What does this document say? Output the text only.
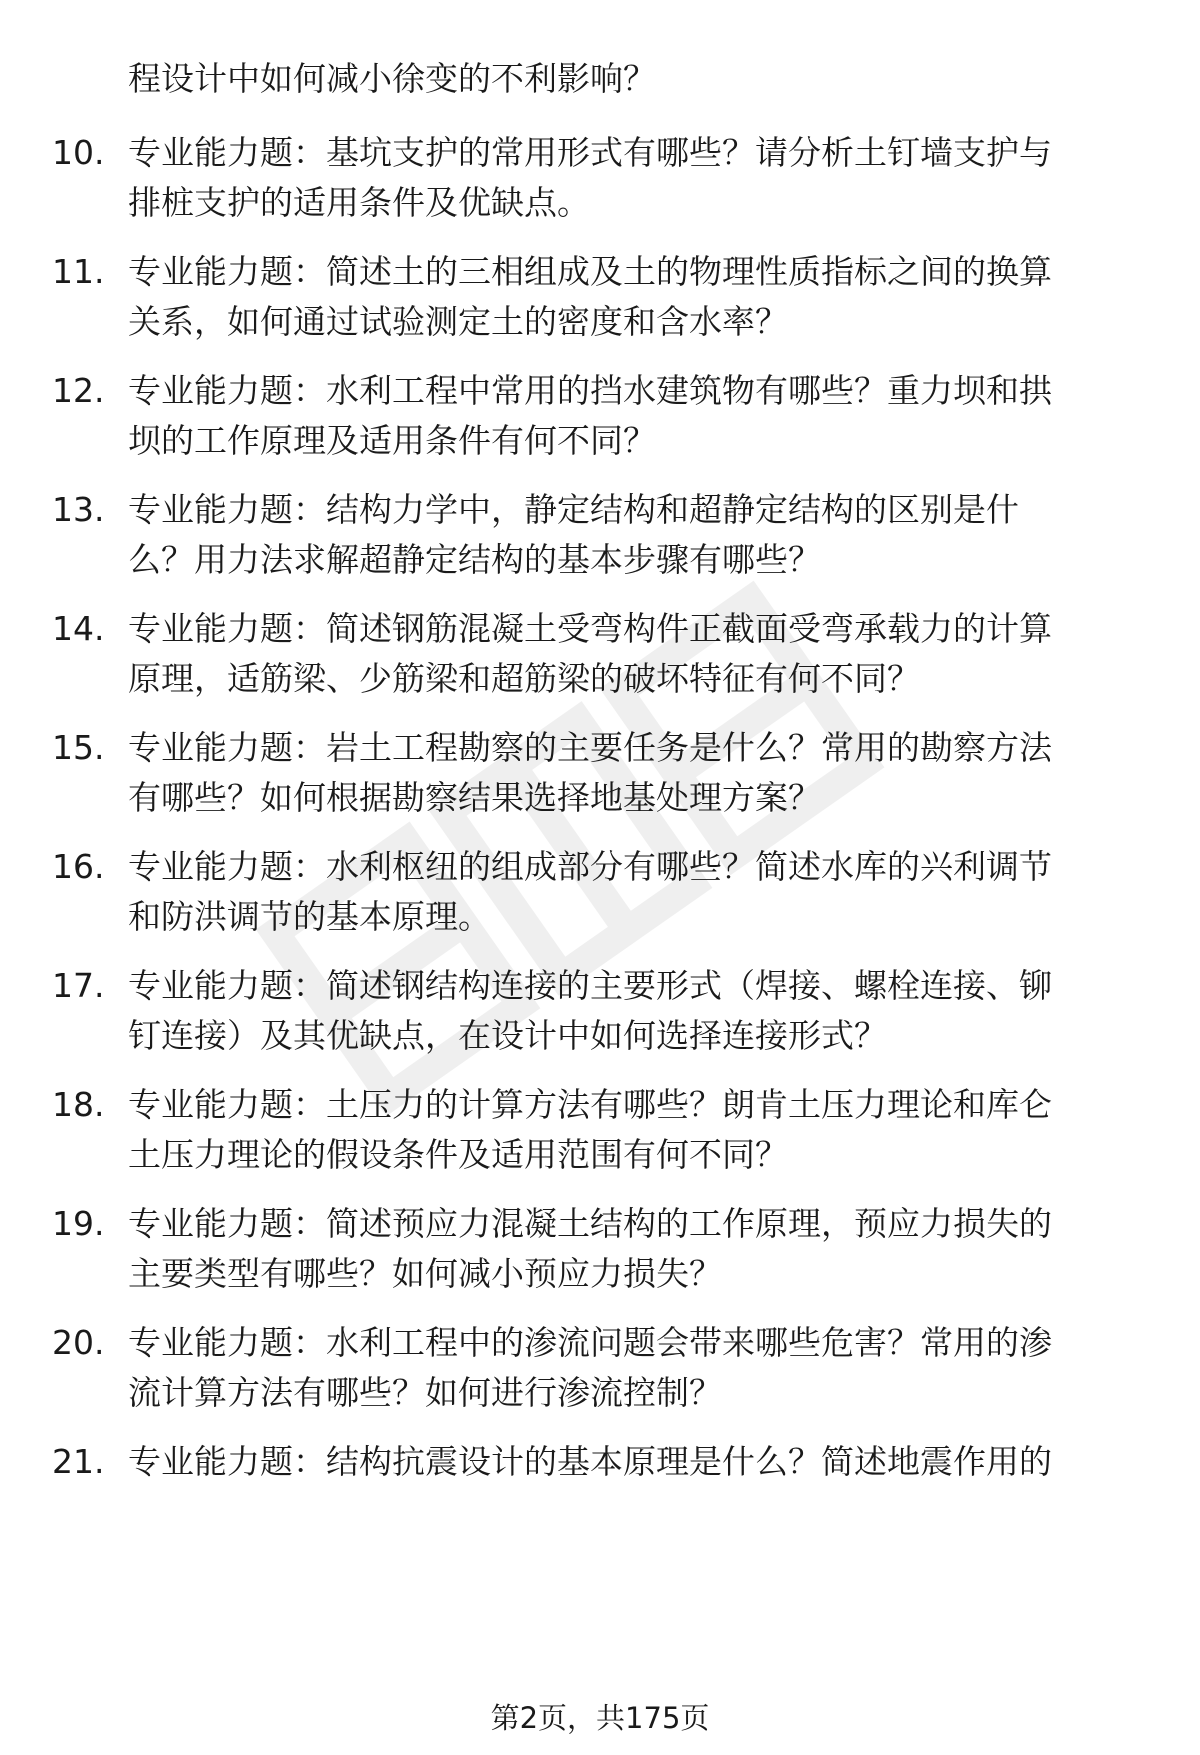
程设计中如何减小徐变的不利影响？
10. 专业能力题：基坑支护的常用形式有哪些？请分析土钉墙支护与
排桩支护的适用条件及优缺点。
11. 专业能力题：简述土的三相组成及土的物理性质指标之间的换算
关系，如何通过试验测定土的密度和含水率？
12. 专业能力题：水利工程中常用的挡水建筑物有哪些？重力坝和拱
坝的工作原理及适用条件有何不同？
13. 专业能力题：结构力学中，静定结构和超静定结构的区别是什
么？用力法求解超静定结构的基本步骤有哪些？
14. 专业能力题：简述钢筋混凝土受弯构件正截面受弯承载力的计算
原理，适筋梁、少筋梁和超筋梁的破坏特征有何不同？
15. 专业能力题：岩土工程勘察的主要任务是什么？常用的勘察方法
有哪些？如何根据勘察结果选择地基处理方案？
16. 专业能力题：水利枢纽的组成部分有哪些？简述水库的兴利调节
和防洪调节的基本原理。
17. 专业能力题：简述钢结构连接的主要形式（焊接、螺栓连接、铆
钉连接）及其优缺点，在设计中如何选择连接形式？
18. 专业能力题：土压力的计算方法有哪些？朗肯土压力理论和库仑
土压力理论的假设条件及适用范围有何不同？
19. 专业能力题：简述预应力混凝土结构的工作原理，预应力损失的
主要类型有哪些？如何减小预应力损失？
20. 专业能力题：水利工程中的渗流问题会带来哪些危害？常用的渗
流计算方法有哪些？如何进行渗流控制？
21. 专业能力题：结构抗震设计的基本原理是什么？简述地震作用的
第2页，共175页
